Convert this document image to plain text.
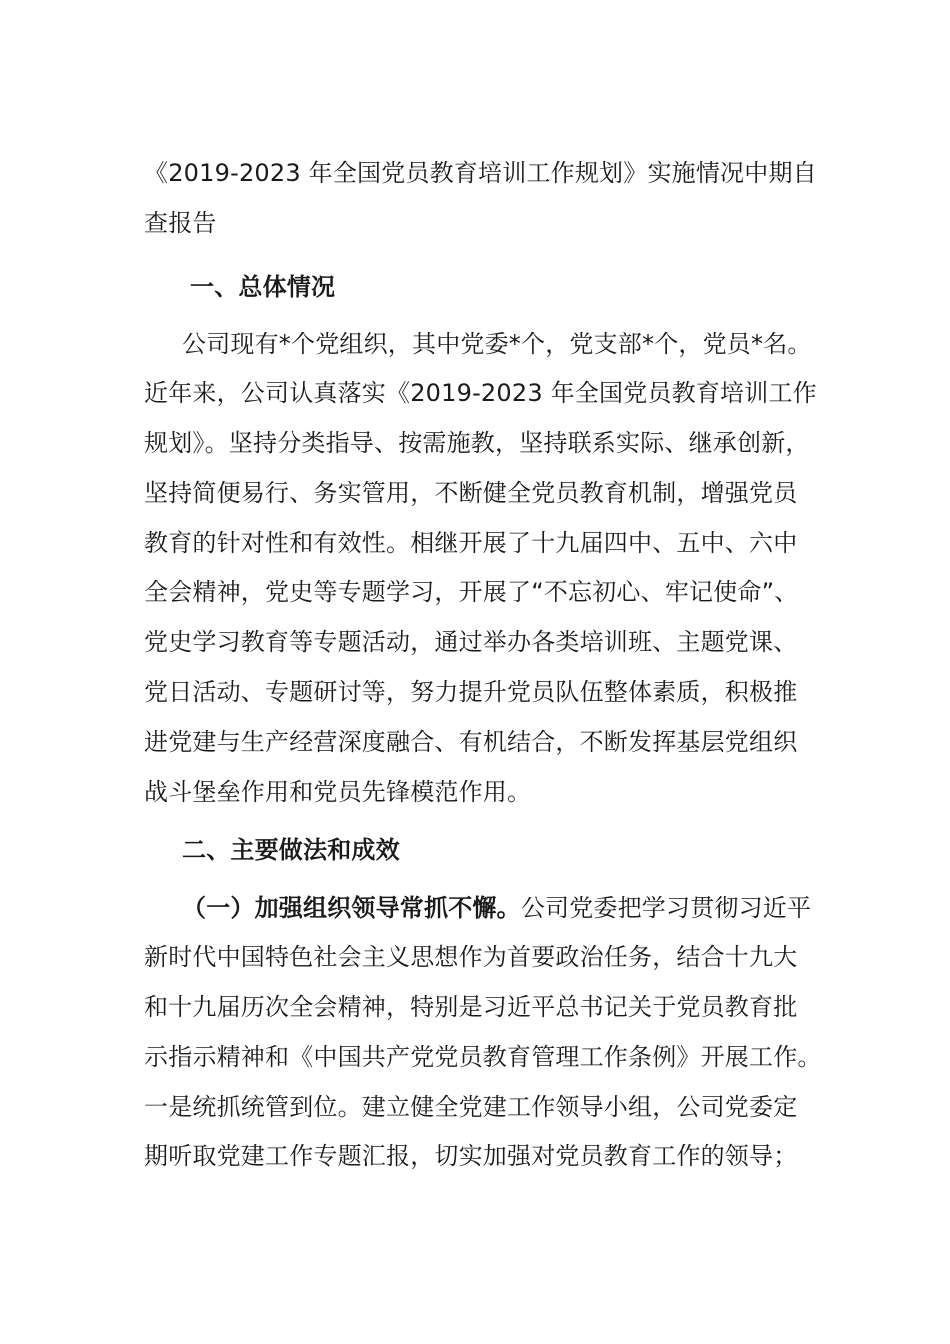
《2019-2023 年全国党员教育培训工作规划》实施情况中期自
查报告
一、总体情况
公司现有*个党组织，其中党委*个，党支部*个，党员*名。
近年来，公司认真落实《2019-2023 年全国党员教育培训工作
规划》。坚持分类指导、按需施教，坚持联系实际、继承创新，
坚持简便易行、务实管用，不断健全党员教育机制，增强党员
教育的针对性和有效性。相继开展了十九届四中、五中、六中
全会精神，党史等专题学习，开展了“不忘初心、牢记使命”、
党史学习教育等专题活动，通过举办各类培训班、主题党课、
党日活动、专题研讨等，努力提升党员队伍整体素质，积极推
进党建与生产经营深度融合、有机结合，不断发挥基层党组织
战斗堡垒作用和党员先锋模范作用。
二、主要做法和成效
（一）加强组织领导常抓不懈。公司党委把学习贯彻习近平
新时代中国特色社会主义思想作为首要政治任务，结合十九大
和十九届历次全会精神，特别是习近平总书记关于党员教育批
示指示精神和《中国共产党党员教育管理工作条例》开展工作。
一是统抓统管到位。建立健全党建工作领导小组，公司党委定
期听取党建工作专题汇报，切实加强对党员教育工作的领导；
